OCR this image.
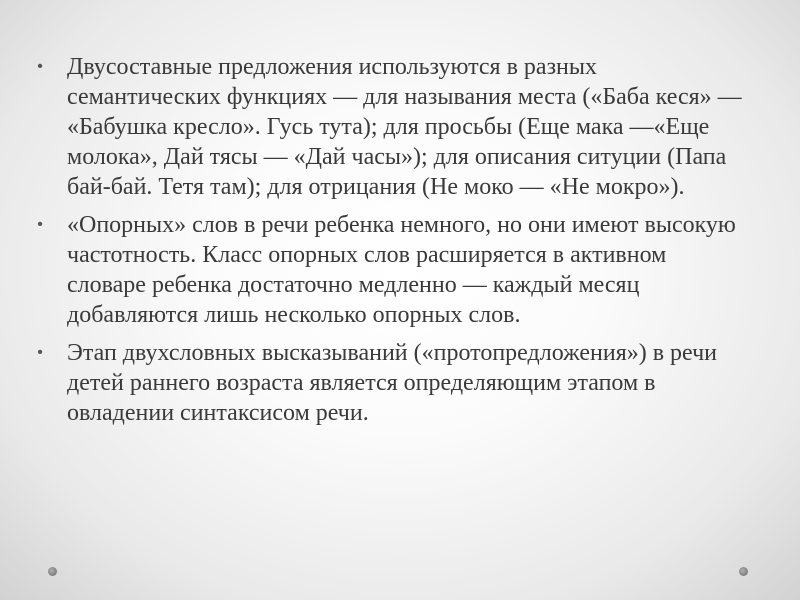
•	Двусоставные предложения используются в разных семантических функциях — для называния места («Баба кеся» — «Бабушка кресло». Гусь тута); для просьбы (Еще мака —«Еще молока», Дай тясы — «Дай часы»); для описания ситуции (Папа бай-бай. Тетя там); для отрицания (Не моко — «Не мокро»).
•	«Опорных» слов в речи ребенка немного, но они имеют высокую частотность. Класс опорных слов расширяется в активном словаре ребенка достаточно медленно — каждый месяц добавляются лишь несколько опорных слов.
•	Этап двухсловных высказываний («протопредложения») в речи детей раннего возраста является определяющим этапом в овладении синтаксисом речи.
